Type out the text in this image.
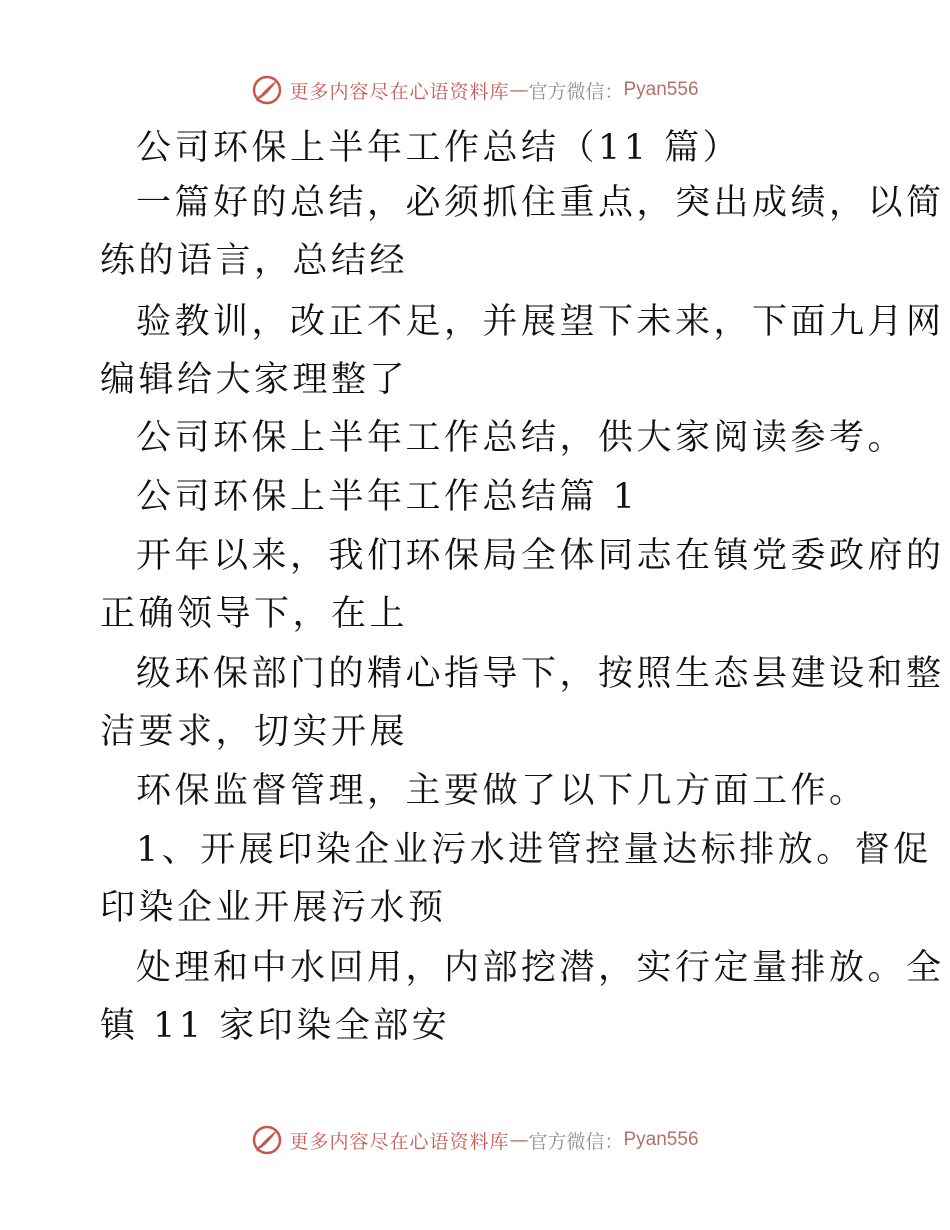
更多内容尽在心语资料库 — 官方微信： Pyan556
公司环保上半年工作总结（11 篇）
一篇好的总结，必须抓住重点，突出成绩，以简
练的语言，总结经
验教训，改正不足，并展望下未来，下面九月网
编辑给大家理整了
公司环保上半年工作总结，供大家阅读参考。
公司环保上半年工作总结篇 1
开年以来，我们环保局全体同志在镇党委政府的
正确领导下，在上
级环保部门的精心指导下，按照生态县建设和整
洁要求，切实开展
环保监督管理，主要做了以下几方面工作。
1、开展印染企业污水进管控量达标排放。督促
印染企业开展污水预
处理和中水回用，内部挖潜，实行定量排放。全
镇 11 家印染全部安
更多内容尽在心语资料库 — 官方微信： Pyan556
